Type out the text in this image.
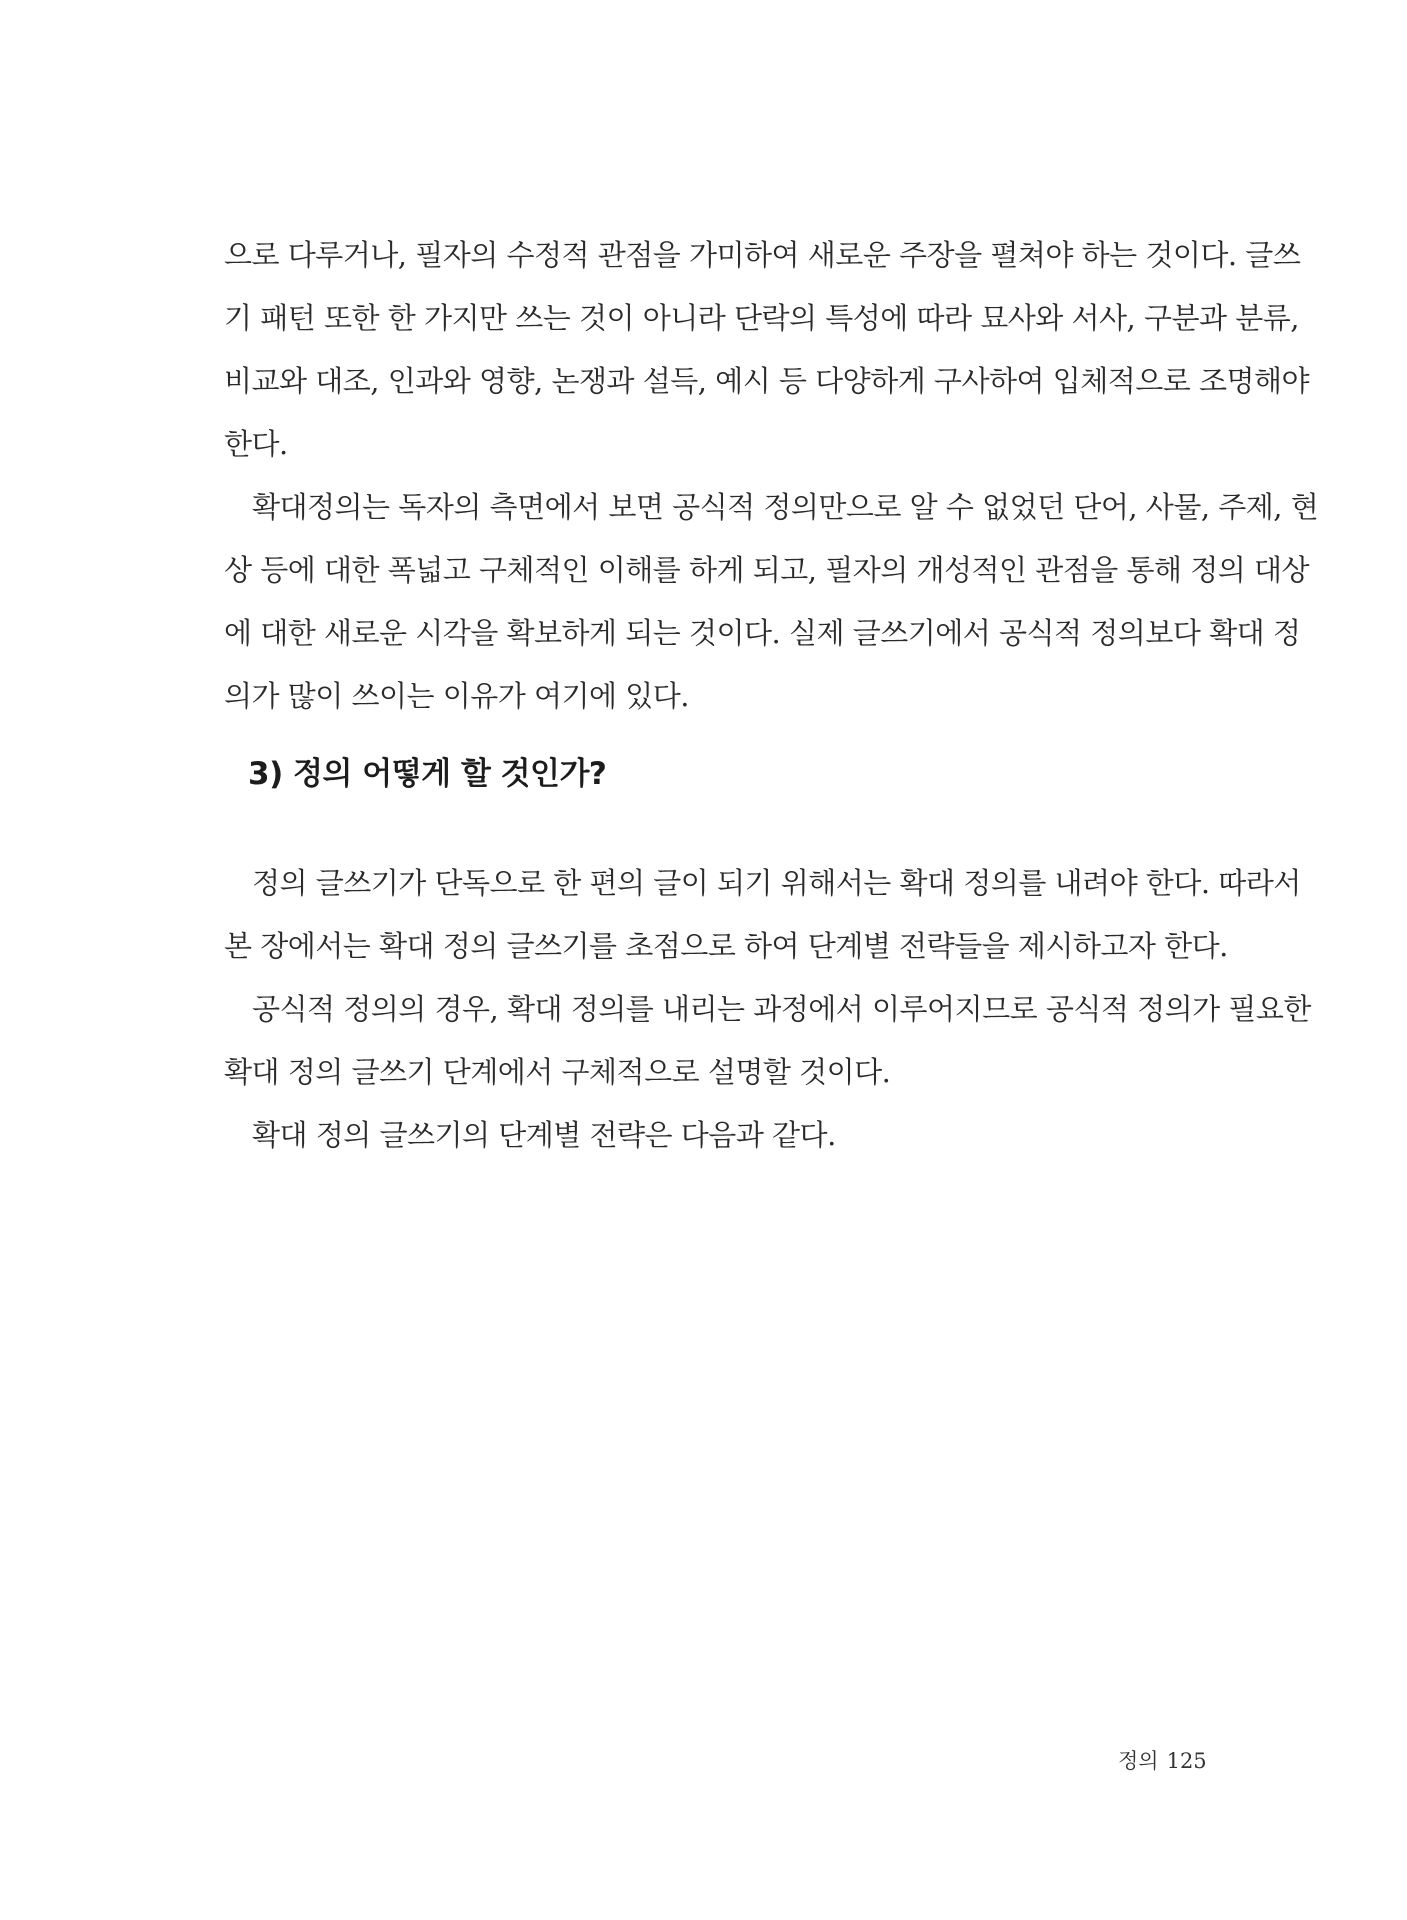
으로 다루거나, 필자의 수정적 관점을 가미하여 새로운 주장을 펼쳐야 하는 것이다. 글쓰
기 패턴 또한 한 가지만 쓰는 것이 아니라 단락의 특성에 따라 묘사와 서사, 구분과 분류,
비교와 대조, 인과와 영향, 논쟁과 설득, 예시 등 다양하게 구사하여 입체적으로 조명해야
한다.
확대정의는 독자의 측면에서 보면 공식적 정의만으로 알 수 없었던 단어, 사물, 주제, 현
상 등에 대한 폭넓고 구체적인 이해를 하게 되고, 필자의 개성적인 관점을 통해 정의 대상
에 대한 새로운 시각을 확보하게 되는 것이다. 실제 글쓰기에서 공식적 정의보다 확대 정
의가 많이 쓰이는 이유가 여기에 있다.
3) 정의 어떻게 할 것인가?
정의 글쓰기가 단독으로 한 편의 글이 되기 위해서는 확대 정의를 내려야 한다. 따라서
본 장에서는 확대 정의 글쓰기를 초점으로 하여 단계별 전략들을 제시하고자 한다.
공식적 정의의 경우, 확대 정의를 내리는 과정에서 이루어지므로 공식적 정의가 필요한
확대 정의 글쓰기 단계에서 구체적으로 설명할 것이다.
확대 정의 글쓰기의 단계별 전략은 다음과 같다.
정의 125
